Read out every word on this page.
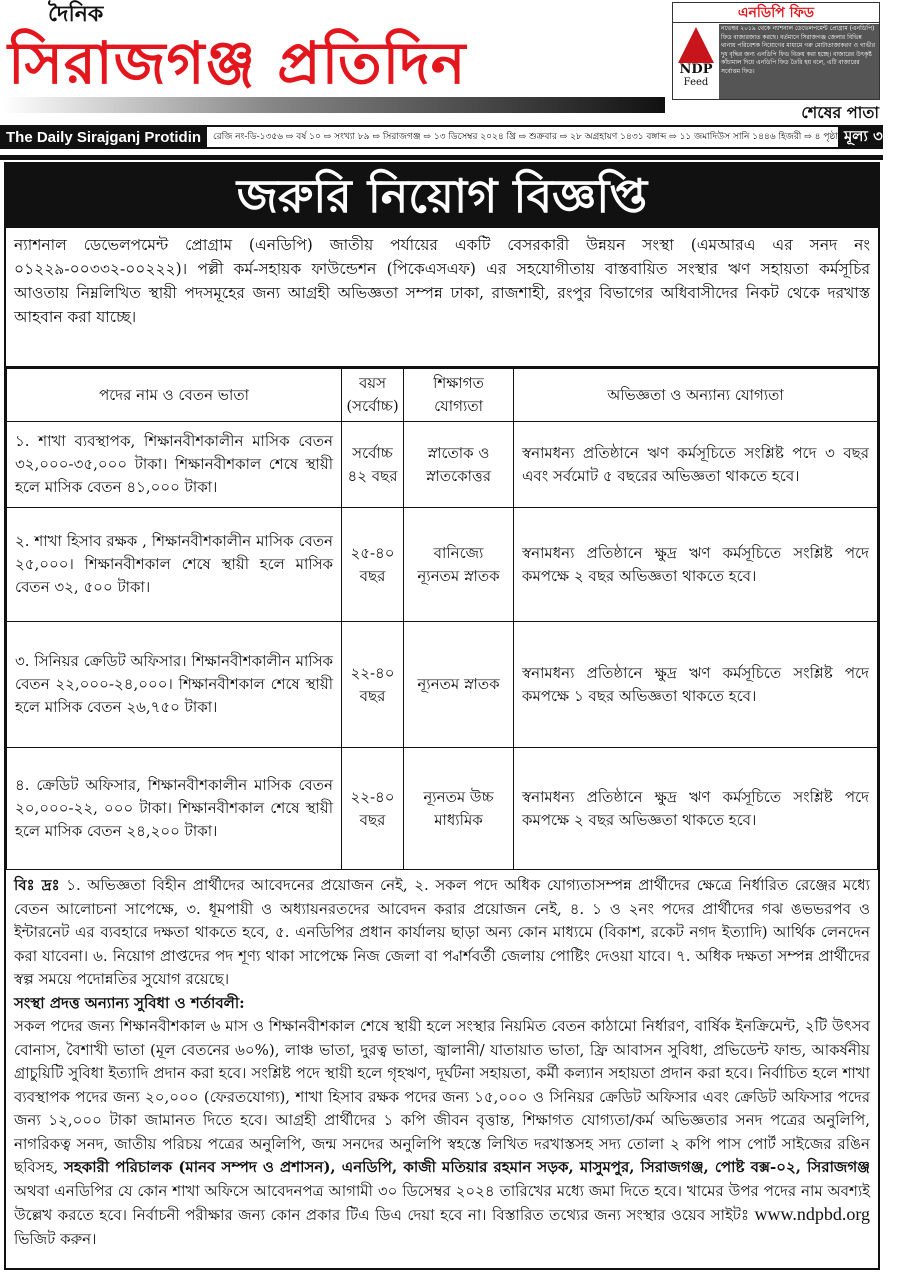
দৈনিক
সিরাজগঞ্জ প্রতিদিন
এনডিপি ফিড
NDP
Feed
নভেম্বর ২০১৯ থেকে ন্যাশনাল ডেভেলপমেন্ট প্রোগ্রাম (এনডিপি) ফিড বাজারজাত করছে। বর্তমানে সিরাজগঞ্জ জেলার বিভিন্ন থানায় পরিবেশক নিয়োগের মাধ্যমে গরু মোটাতাজাকরণ ও গাভীর দুধ বৃদ্ধির জন্য এনডিপি ফিড বিক্রয় করা হচ্ছে। বাজারের উৎকৃষ্ট কাঁচামাল দিয়ে এনডিপি ফিড তৈরি হয় বলে, এটি বাজারের সর্বোত্তম ফিড।
শেষের পাতা
The Daily Sirajganj Protidin	রেজি নং-ডি-১৩৫৬ ⇨ বর্ষ ১০ ⇨ সংখ্যা ৮৯ ⇨ সিরাজগঞ্জ ⇨ ১৩ ডিসেম্বর ২০২৪ খ্রি ⇨ শুক্রবার ⇨ ২৮ অগ্রহায়ণ ১৪৩১ বঙ্গাব্দ ⇨ ১১ জমাদিউস সানি ১৪৪৬ হিজরী ⇨ ৪ পৃষ্ঠা মূল্য ৩ টাকা
জরুরি নিয়োগ বিজ্ঞপ্তি
ন্যাশনাল ডেভেলপমেন্ট প্রোগ্রাম (এনডিপি) জাতীয় পর্যায়ের একটি বেসরকারী উন্নয়ন সংস্থা (এমআরএ এর সনদ নং ০১২২৯-০০৩৩২-০০২২২)। পল্লী কর্ম-সহায়ক ফাউন্ডেশন (পিকেএসএফ) এর সহযোগীতায় বাস্তবায়িত সংস্থার ঋণ সহায়তা কর্মসূচির আওতায় নিম্নলিখিত স্থায়ী পদসমূহের জন্য আগ্রহী অভিজ্ঞতা সম্পন্ন ঢাকা, রাজশাহী, রংপুর বিভাগের অধিবাসীদের নিকট থেকে দরখাস্ত আহবান করা যাচ্ছে।
পদের নাম ও বেতন ভাতা	বয়স (সর্বোচ্চ)	শিক্ষাগত যোগ্যতা	অভিজ্ঞতা ও অন্যান্য যোগ্যতা
১. শাখা ব্যবস্থাপক, শিক্ষানবীশকালীন মাসিক বেতন ৩২,০০০-৩৫,০০০ টাকা। শিক্ষানবীশকাল শেষে স্থায়ী হলে মাসিক বেতন ৪১,০০০ টাকা।	সর্বোচ্চ ৪২ বছর	স্নাতোক ও স্নাতকোত্তর	স্বনামধন্য প্রতিষ্ঠানে ঋণ কর্মসূচিতে সংশ্লিষ্ট পদে ৩ বছর এবং সর্বমোট ৫ বছরের অভিজ্ঞতা থাকতে হবে।
২. শাখা হিসাব রক্ষক , শিক্ষানবীশকালীন মাসিক বেতন ২৫,০০০। শিক্ষানবীশকাল শেষে স্থায়ী হলে মাসিক বেতন ৩২, ৫০০ টাকা।	২৫-৪০ বছর	বানিজ্যে ন্যূনতম স্নাতক	স্বনামধন্য প্রতিষ্ঠানে ক্ষুদ্র ঋণ কর্মসূচিতে সংশ্লিষ্ট পদে কমপক্ষে ২ বছর অভিজ্ঞতা থাকতে হবে।
৩. সিনিয়র ক্রেডিট অফিসার। শিক্ষানবীশকালীন মাসিক বেতন ২২,০০০-২৪,০০০। শিক্ষানবীশকাল শেষে স্থায়ী হলে মাসিক বেতন ২৬,৭৫০ টাকা।	২২-৪০ বছর	ন্যূনতম স্নাতক	স্বনামধন্য প্রতিষ্ঠানে ক্ষুদ্র ঋণ কর্মসূচিতে সংশ্লিষ্ট পদে কমপক্ষে ১ বছর অভিজ্ঞতা থাকতে হবে।
৪. ক্রেডিট অফিসার, শিক্ষানবীশকালীন মাসিক বেতন ২০,০০০-২২, ০০০ টাকা। শিক্ষানবীশকাল শেষে স্থায়ী হলে মাসিক বেতন ২৪,২০০ টাকা।	২২-৪০ বছর	ন্যূনতম উচ্চ মাধ্যমিক	স্বনামধন্য প্রতিষ্ঠানে ক্ষুদ্র ঋণ কর্মসূচিতে সংশ্লিষ্ট পদে কমপক্ষে ২ বছর অভিজ্ঞতা থাকতে হবে।

বিঃ দ্রঃ ১. অভিজ্ঞতা বিহীন প্রার্থীদের আবেদনের প্রয়োজন নেই, ২. সকল পদে অধিক যোগ্যতাসম্পন্ন প্রার্থীদের ক্ষেত্রে নির্ধারিত রেঞ্জের মধ্যে বেতন আলোচনা সাপেক্ষে, ৩. ধূমপায়ী ও অধ্যায়নরতদের আবেদন করার প্রয়োজন নেই, ৪. ১ ও ২নং পদের প্রার্থীদের গঝ ঙভভরপব ও ইন্টারনেট এর ব্যবহারে দক্ষতা থাকতে হবে, ৫. এনডিপির প্রধান কার্যালয় ছাড়া অন্য কোন মাধ্যমে (বিকাশ, রকেট নগদ ইত্যাদি) আর্থিক লেনদেন করা যাবেনা। ৬. নিয়োগ প্রাপ্তদের পদ শূণ্য থাকা সাপেক্ষে নিজ জেলা বা প্বার্শবর্তী জেলায় পোষ্টিং দেওয়া যাবে। ৭. অধিক দক্ষতা সম্পন্ন প্রার্থীদের স্বল্প সময়ে পদোন্নতির সুযোগ রয়েছে।

সংস্থা প্রদত্ত অন্যান্য সুবিধা ও শর্তাবলী:

সকল পদের জন্য শিক্ষানবীশকাল ৬ মাস ও শিক্ষানবীশকাল শেষে স্থায়ী হলে সংস্থার নিয়মিত বেতন কাঠামো নির্ধারণ, বার্ষিক ইনক্রিমেন্ট, ২টি উৎসব বোনাস, বৈশাখী ভাতা (মূল বেতনের ৬০%), লাঞ্চ ভাতা, দুরত্ব ভাতা, জ্বালানী/ যাতায়াত ভাতা, ফ্রি আবাসন সুবিধা, প্রভিডেন্ট ফান্ড, আকর্ষনীয় গ্রাচুয়িটি সুবিধা ইত্যাদি প্রদান করা হবে। সংশ্লিষ্ট পদে স্থায়ী হলে গৃহঋণ, দূর্ঘটনা সহায়তা, কর্মী কল্যান সহায়তা প্রদান করা হবে। নির্বাচিত হলে শাখা ব্যবস্থাপক পদের জন্য ২০,০০০ (ফেরতযোগ্য), শাখা হিসাব রক্ষক পদের জন্য ১৫,০০০ ও সিনিয়র ক্রেডিট অফিসার এবং ক্রেডিট অফিসার পদের জন্য ১২,০০০ টাকা জামানত দিতে হবে। আগ্রহী প্রার্থীদের ১ কপি জীবন বৃত্তান্ত, শিক্ষাগত যোগ্যতা/কর্ম অভিজ্ঞতার সনদ পত্রের অনুলিপি, নাগরিকত্ব সনদ, জাতীয় পরিচয় পত্রের অনুলিপি, জন্ম সনদের অনুলিপি স্বহস্তে লিখিত দরখাস্তসহ সদ্য তোলা ২ কপি পাস পোর্ট সাইজের রঙিন ছবিসহ, সহকারী পরিচালক (মানব সম্পদ ও প্রশাসন), এনডিপি, কাজী মতিয়ার রহমান সড়ক, মাসুমপুর, সিরাজগঞ্জ, পোষ্ট বক্স-০২, সিরাজগঞ্জ অথবা এনডিপির যে কোন শাখা অফিসে আবেদনপত্র আগামী ৩০ ডিসেম্বর ২০২৪ তারিখের মধ্যে জমা দিতে হবে। খামের উপর পদের নাম অবশ্যই উল্লেখ করতে হবে। নির্বাচনী পরীক্ষার জন্য কোন প্রকার টিএ ডিএ দেয়া হবে না। বিস্তারিত তথ্যের জন্য সংস্থার ওয়েব সাইটঃ www.ndpbd.org ভিজিট করুন।
